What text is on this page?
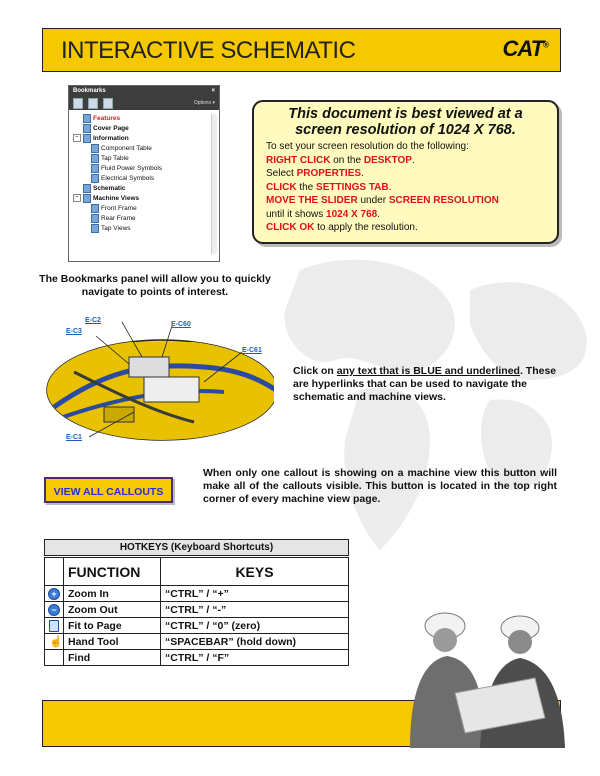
INTERACTIVE SCHEMATIC	CAT®
Bookmarks	×
Options ▾
Features
Cover Page
−	Information
Component Table
Tap Table
Fluid Power Symbols
Electrical Symbols
Schematic
−	Machine Views
Front Frame
Rear Frame
Tap Views
This document is best viewed at a
screen resolution of 1024 X 768.
To set your screen resolution do the following:
RIGHT CLICK on the DESKTOP.
Select PROPERTIES.
CLICK the SETTINGS TAB.
MOVE THE SLIDER under SCREEN RESOLUTION
until it shows 1024 X 768.
CLICK OK to apply the resolution.
The Bookmarks panel will allow you to quickly navigate to points of interest.
E-C2
E-C3
E-C60
E-C61
E-C1
Click on any text that is BLUE and underlined. These are hyperlinks that can be used to navigate the schematic and machine views.
VIEW ALL CALLOUTS
When only one callout is showing on a machine view this button will make all of the callouts visible. This button is located in the top right corner of every machine view page.
HOTKEYS (Keyboard Shortcuts)
	FUNCTION	KEYS
+	Zoom In	“CTRL” / “+”
−	Zoom Out	“CTRL” / “-”
	Fit to Page	“CTRL” / “0” (zero)
☝	Hand Tool	“SPACEBAR” (hold down)
	Find	“CTRL” / “F”
